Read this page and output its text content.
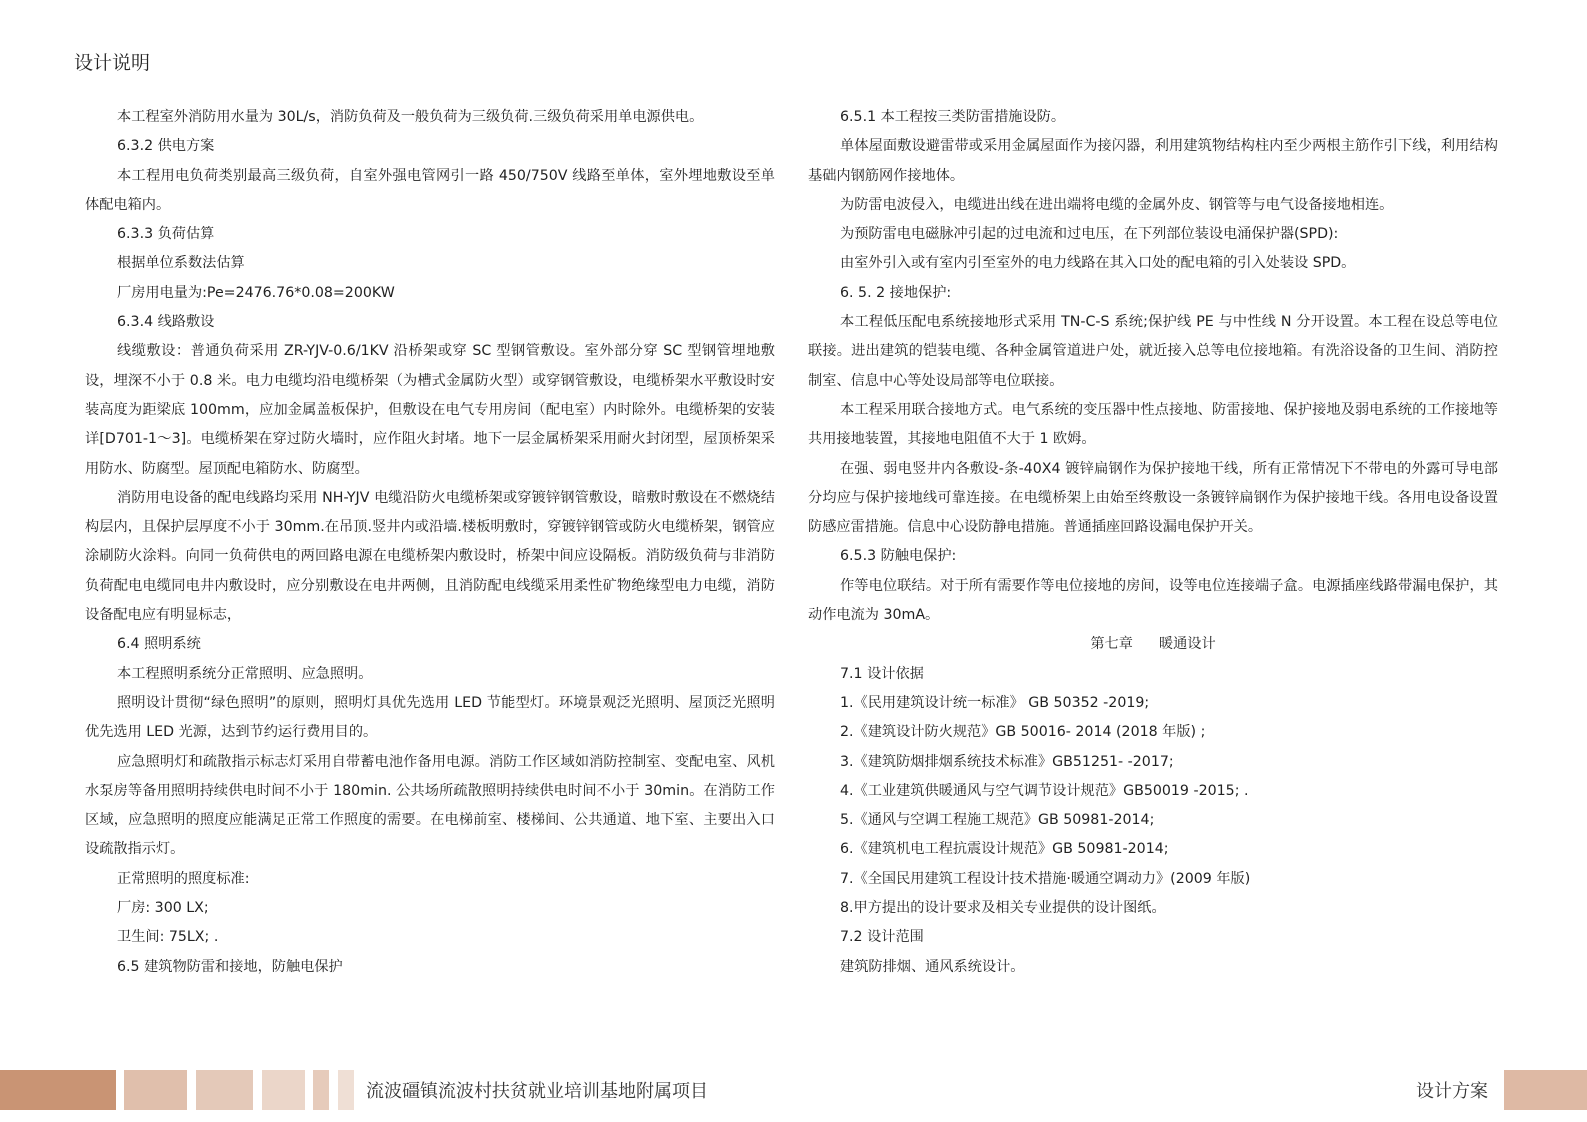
设计说明

本工程室外消防用水量为 30L/s，消防负荷及一般负荷为三级负荷.三级负荷采用单电源供电。

6.3.2 供电方案

本工程用电负荷类别最高三级负荷，自室外强电管网引一路 450/750V 线路至单体，室外埋地敷设至单体配电箱内。

6.3.3 负荷估算

根据单位系数法估算

厂房用电量为:Pe=2476.76*0.08=200KW

6.3.4 线路敷设

线缆敷设：普通负荷采用 ZR-YJV-0.6/1KV 沿桥架或穿 SC 型钢管敷设。室外部分穿 SC 型钢管埋地敷设，埋深不小于 0.8 米。电力电缆均沿电缆桥架（为槽式金属防火型）或穿钢管敷设，电缆桥架水平敷设时安装高度为距梁底 100mm，应加金属盖板保护，但敷设在电气专用房间（配电室）内时除外。电缆桥架的安装详[D701-1～3]。电缆桥架在穿过防火墙时，应作阻火封堵。地下一层金属桥架采用耐火封闭型，屋顶桥架采用防水、防腐型。屋顶配电箱防水、防腐型。

消防用电设备的配电线路均采用 NH-YJV 电缆沿防火电缆桥架或穿镀锌钢管敷设，暗敷时敷设在不燃烧结构层内，且保护层厚度不小于 30mm.在吊顶.竖井内或沿墙.楼板明敷时，穿镀锌钢管或防火电缆桥架，钢管应涂刷防火涂料。向同一负荷供电的两回路电源在电缆桥架内敷设时，桥架中间应设隔板。消防级负荷与非消防负荷配电电缆同电井内敷设时，应分别敷设在电井两侧，且消防配电线缆采用柔性矿物绝缘型电力电缆，消防设备配电应有明显标志，

6.4 照明系统

本工程照明系统分正常照明、应急照明。

照明设计贯彻“绿色照明”的原则，照明灯具优先选用 LED 节能型灯。环境景观泛光照明、屋顶泛光照明优先选用 LED 光源，达到节约运行费用目的。

应急照明灯和疏散指示标志灯采用自带蓄电池作备用电源。消防工作区域如消防控制室、变配电室、风机水泵房等备用照明持续供电时间不小于 180min. 公共场所疏散照明持续供电时间不小于 30min。在消防工作区域，应急照明的照度应能满足正常工作照度的需要。在电梯前室、楼梯间、公共通道、地下室、主要出入口设疏散指示灯。

正常照明的照度标准:

厂房: 300 LX;

卫生间: 75LX; .

6.5 建筑物防雷和接地，防触电保护

6.5.1 本工程按三类防雷措施设防。

单体屋面敷设避雷带或采用金属屋面作为接闪器，利用建筑物结构柱内至少两根主筋作引下线，利用结构基础内钢筋网作接地体。

为防雷电波侵入，电缆进出线在进出端将电缆的金属外皮、钢管等与电气设备接地相连。

为预防雷电电磁脉冲引起的过电流和过电压，在下列部位装设电涌保护器(SPD):

由室外引入或有室内引至室外的电力线路在其入口处的配电箱的引入处装设 SPD。

6. 5. 2 接地保护:

本工程低压配电系统接地形式采用 TN-C-S 系统;保护线 PE 与中性线 N 分开设置。本工程在设总等电位联接。进出建筑的铠装电缆、各种金属管道进户处，就近接入总等电位接地箱。有洗浴设备的卫生间、消防控制室、信息中心等处设局部等电位联接。

本工程采用联合接地方式。电气系统的变压器中性点接地、防雷接地、保护接地及弱电系统的工作接地等共用接地装置，其接地电阻值不大于 1 欧姆。

在强、弱电竖井内各敷设-条-40X4 镀锌扁钢作为保护接地干线，所有正常情况下不带电的外露可导电部分均应与保护接地线可靠连接。在电缆桥架上由始至终敷设一条镀锌扁钢作为保护接地干线。各用电设备设置防感应雷措施。信息中心设防静电措施。普通插座回路设漏电保护开关。

6.5.3 防触电保护:

作等电位联结。对于所有需要作等电位接地的房间，设等电位连接端子盒。电源插座线路带漏电保护，其动作电流为 30mA。

第七章 暖通设计

7.1 设计依据

1.《民用建筑设计统一标准》 GB 50352 -2019;

2.《建筑设计防火规范》GB 50016- 2014 (2018 年版) ;

3.《建筑防烟排烟系统技术标准》GB51251- -2017;

4.《工业建筑供暖通风与空气调节设计规范》GB50019 -2015; .

5.《通风与空调工程施工规范》GB 50981-2014;

6.《建筑机电工程抗震设计规范》GB 50981-2014;

7.《全国民用建筑工程设计技术措施·暖通空调动力》(2009 年版)

8.甲方提出的设计要求及相关专业提供的设计图纸。

7.2 设计范围

建筑防排烟、通风系统设计。

流波礓镇流波村扶贫就业培训基地附属项目	设计方案
